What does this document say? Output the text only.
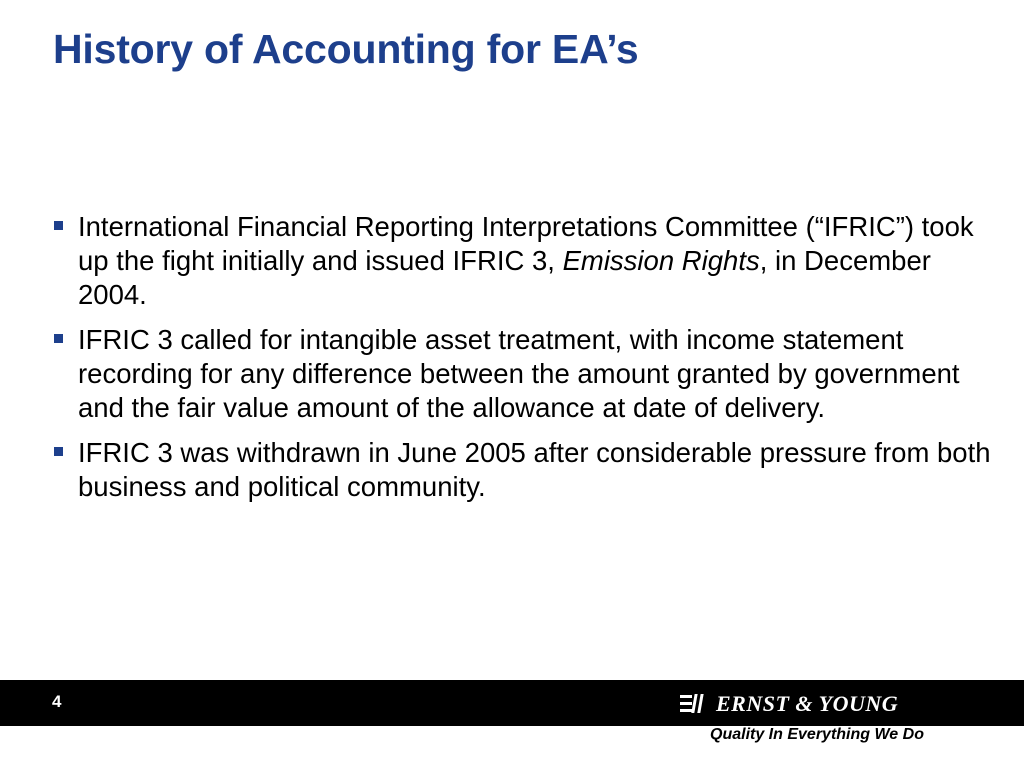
History of Accounting for EA’s
International Financial Reporting Interpretations Committee (“IFRIC”) took up the fight initially and issued IFRIC 3, Emission Rights, in December 2004.
IFRIC 3 called for intangible asset treatment, with income statement recording for any difference between the amount granted by government and the fair value amount of the allowance at date of delivery.
IFRIC 3 was withdrawn in June 2005 after considerable pressure from both business and political community.
4	ERNST & YOUNG
Quality In Everything We Do
